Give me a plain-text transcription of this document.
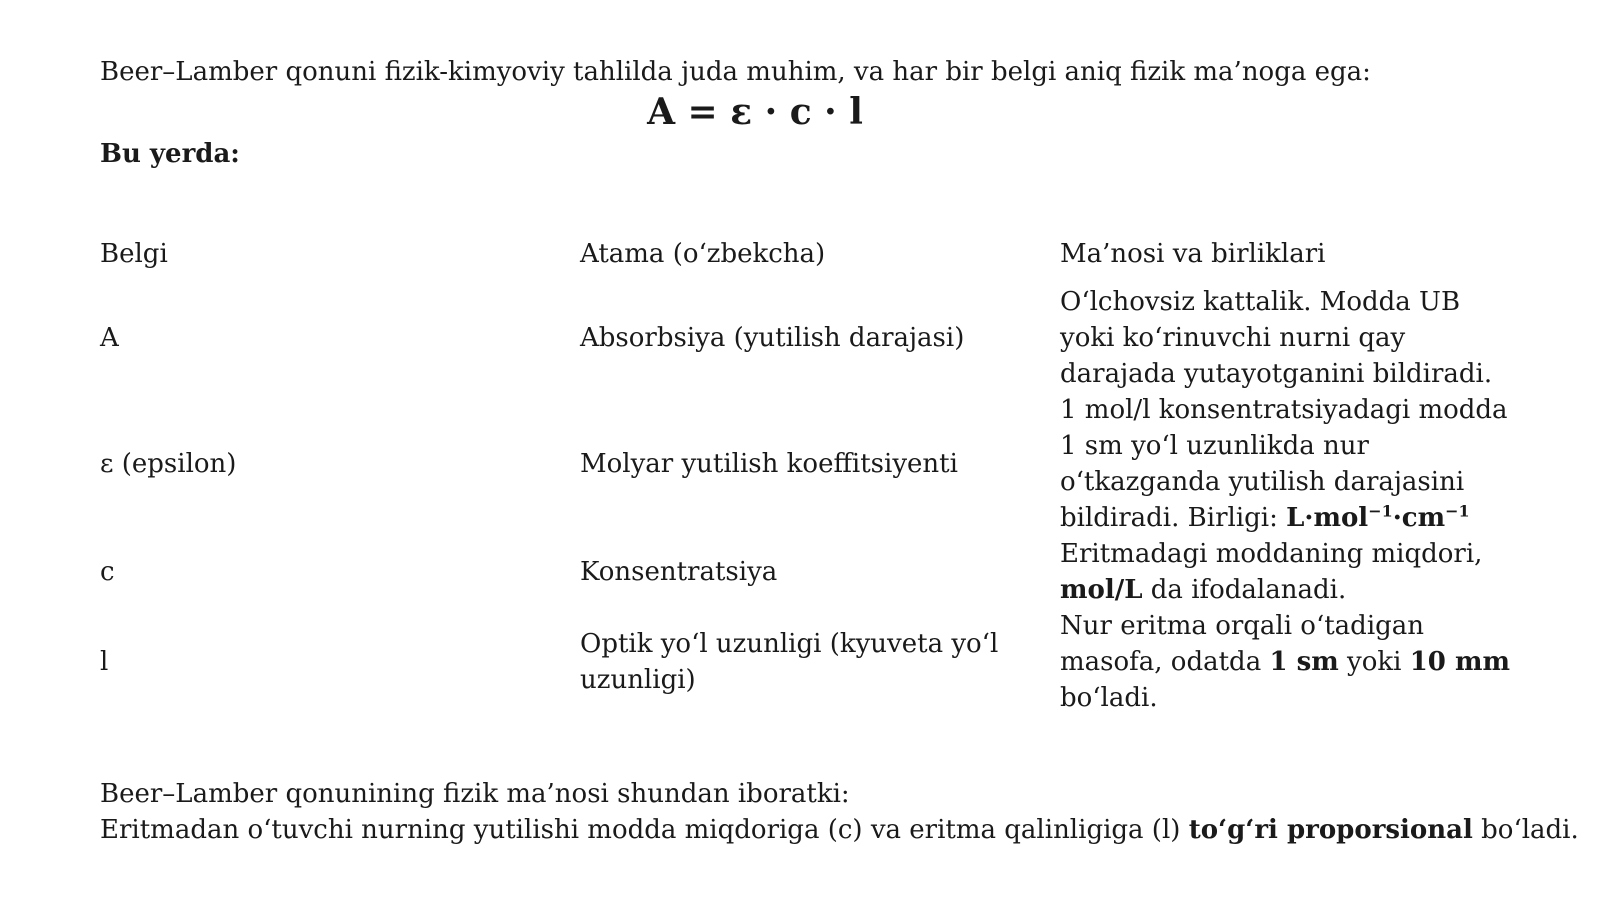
Beer–Lamber qonuni fizik-kimyoviy tahlilda juda muhim, va har bir belgi aniq fizik ma’noga ega:
A = ε · c · l
Bu yerda:
Belgi	Atama (oʻzbekcha)	Ma’nosi va birliklari
A	Absorbsiya (yutilish darajasi)	Oʻlchovsiz kattalik. Modda UB yoki koʻrinuvchi nurni qay darajada yutayotganini bildiradi.
ε (epsilon)	Molyar yutilish koeffitsiyenti	1 mol/l konsentratsiyadagi modda 1 sm yoʻl uzunlikda nur oʻtkazganda yutilish darajasini bildiradi. Birligi: $L\cdot mol^{-1}\cdot cm^{-1}$
c	Konsentratsiya	Eritmadagi moddaning miqdori, mol/L da ifodalanadi.
l	Optik yoʻl uzunligi (kyuveta yoʻl uzunligi)	Nur eritma orqali oʻtadigan masofa, odatda 1 sm yoki 10 mm boʻladi.
Beer–Lamber qonunining fizik ma’nosi shundan iboratki:
Eritmadan oʻtuvchi nurning yutilishi modda miqdoriga (c) va eritma qalinligiga (l) toʻgʻri proporsional boʻladi.
